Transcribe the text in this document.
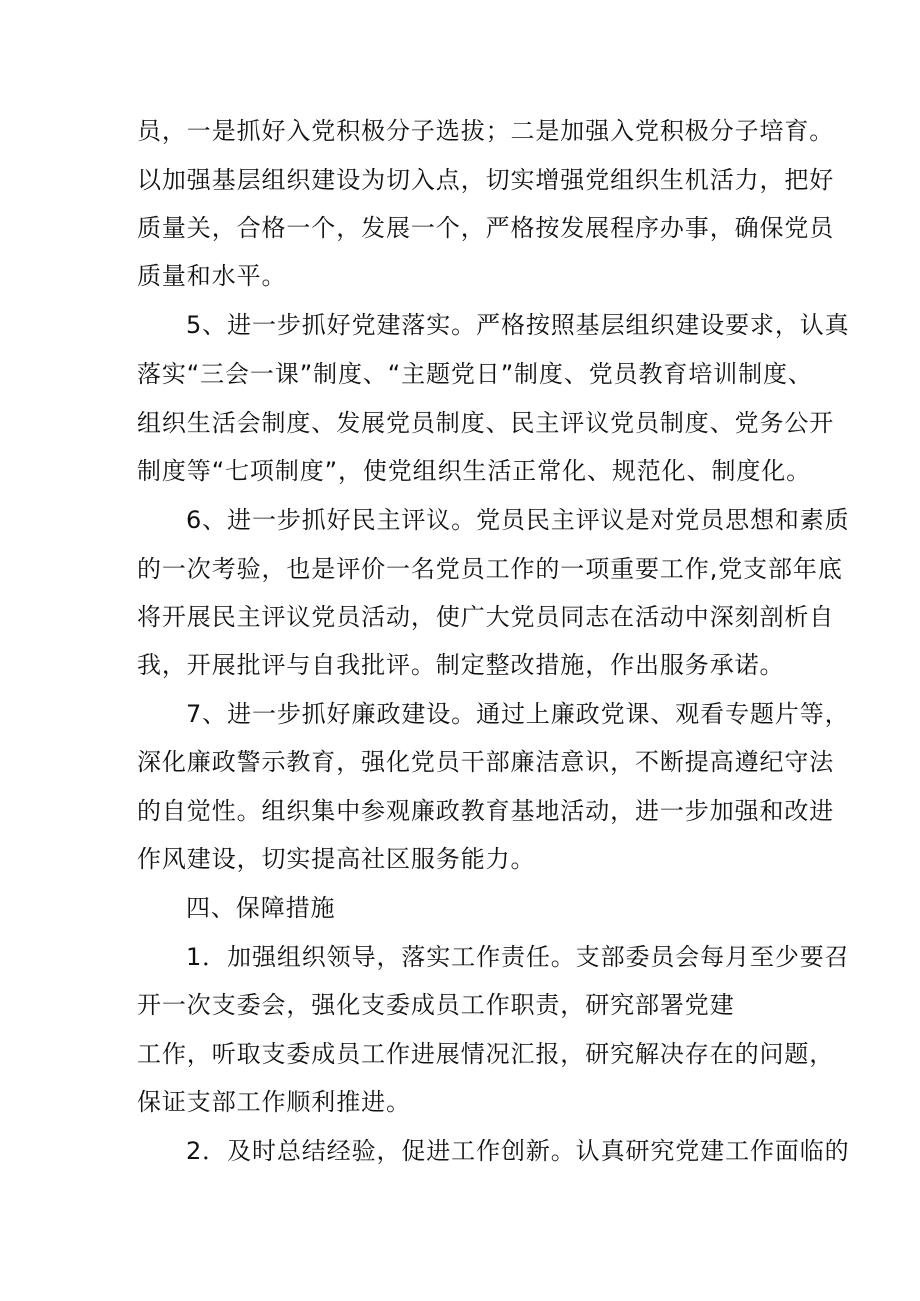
员，一是抓好入党积极分子选拔；二是加强入党积极分子培育。
以加强基层组织建设为切入点，切实增强党组织生机活力，把好
质量关，合格一个，发展一个，严格按发展程序办事，确保党员
质量和水平。
5、进一步抓好党建落实。严格按照基层组织建设要求，认真
落实“三会一课”制度、“主题党日”制度、党员教育培训制度、
组织生活会制度、发展党员制度、民主评议党员制度、党务公开
制度等“七项制度”，使党组织生活正常化、规范化、制度化。
6、进一步抓好民主评议。党员民主评议是对党员思想和素质
的一次考验，也是评价一名党员工作的一项重要工作,党支部年底
将开展民主评议党员活动，使广大党员同志在活动中深刻剖析自
我，开展批评与自我批评。制定整改措施，作出服务承诺。
7、进一步抓好廉政建设。通过上廉政党课、观看专题片等，
深化廉政警示教育，强化党员干部廉洁意识，不断提高遵纪守法
的自觉性。组织集中参观廉政教育基地活动，进一步加强和改进
作风建设，切实提高社区服务能力。
四、保障措施
1．加强组织领导，落实工作责任。支部委员会每月至少要召
开一次支委会，强化支委成员工作职责，研究部署党建
工作，听取支委成员工作进展情况汇报，研究解决存在的问题，
保证支部工作顺利推进。
2．及时总结经验，促进工作创新。认真研究党建工作面临的
